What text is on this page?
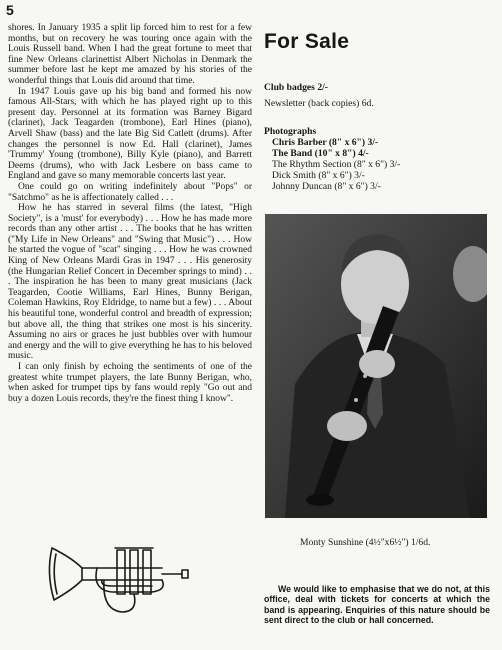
5

shores. In January 1935 a split lip forced him to rest for a few months, but on recovery he was touring once again with the Louis Russell band. When I had the great fortune to meet that fine New Orleans clarinettist Albert Nicholas in Denmark the summer before last he kept me amazed by his stories of the wonderful things that Louis did around that time.

In 1947 Louis gave up his big band and formed his now famous All-Stars, with which he has played right up to this present day. Personnel at its formation was Barney Bigard (clarinet), Jack Teagarden (trombone), Earl Hines (piano), Arvell Shaw (bass) and the late Big Sid Catlett (drums). After changes the personnel is now Ed. Hall (clarinet), James 'Trummy' Young (trombone), Billy Kyle (piano), and Barrett Deems (drums), who with Jack Lesbere on bass came to England and gave so many memorable concerts last year.

One could go on writing indefinitely about "Pops" or "Satchmo" as he is affectionately called . . .

How he has starred in several films (the latest, "High Society", is a 'must' for everybody) . . . How he has made more records than any other artist . . . The books that he has written ("My Life in New Orleans" and "Swing that Music") . . . How he started the vogue of "scat" singing . . . How he was crowned King of New Orleans Mardi Gras in 1947 . . . His generosity (the Hungarian Relief Concert in December springs to mind) . . . The inspiration he has been to many great musicians (Jack Teagarden, Cootie Williams, Earl Hines, Bunny Berigan, Coleman Hawkins, Roy Eldridge, to name but a few) . . . About his beautiful tone, wonderful control and breadth of expression; but above all, the thing that strikes one most is his sincerity. Assuming no airs or graces he just bubbles over with humour and energy and the will to give everything he has to his beloved music.

I can only finish by echoing the sentiments of one of the greatest white trumpet players, the late Bunny Berigan, who, when asked for trumpet tips by fans would reply "Go out and buy a dozen Louis records, they're the finest thing I know".

For Sale
Club badges 2/-
Newsletter (back copies) 6d.
Photographs
Chris Barber (8" x 6") 3/-
The Band (10" x 8") 4/-
The Rhythm Section (8" x 6") 3/-
Dick Smith (8" x 6") 3/-
Johnny Duncan (8" x 6") 3/-
Monty Sunshine (4½"x6½") 1/6d.
We would like to emphasise that we do not, at this office, deal with tickets for concerts at which the band is appearing. Enquiries of this nature should be sent direct to the club or hall concerned.
